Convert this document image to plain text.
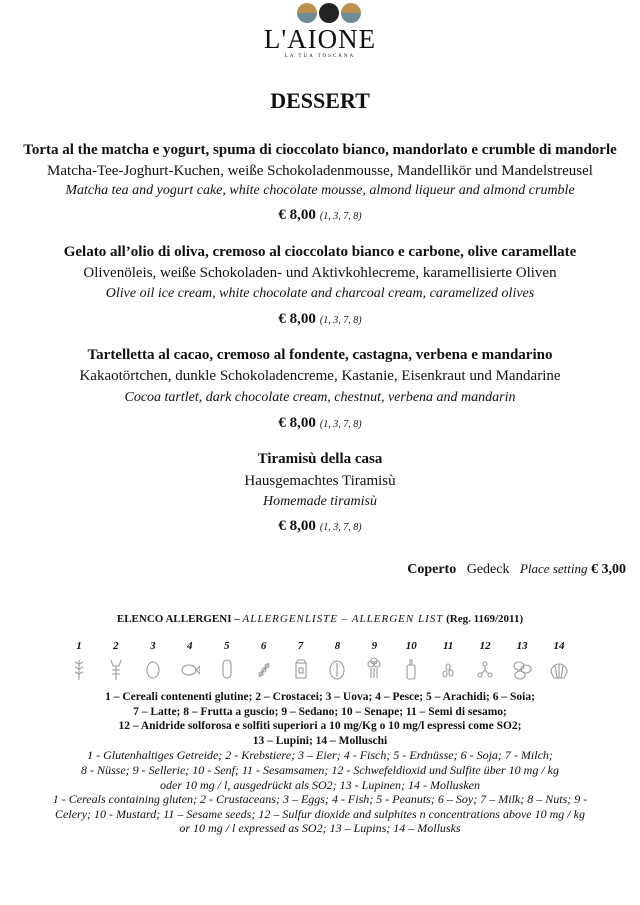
L'AIONE
LA TUA TOSCANA
DESSERT
Torta al the matcha e yogurt, spuma di cioccolato bianco, mandorlato e crumble di mandorle
Matcha-Tee-Joghurt-Kuchen, weiße Schokoladenmousse, Mandellikör und Mandelstreusel
Matcha tea and yogurt cake, white chocolate mousse, almond liqueur and almond crumble
€ 8,00 (1, 3, 7, 8)
Gelato all’olio di oliva, cremoso al cioccolato bianco e carbone, olive caramellate
Olivenöleis, weiße Schokoladen- und Aktivkohlecreme, karamellisierte Oliven
Olive oil ice cream, white chocolate and charcoal cream, caramelized olives
€ 8,00 (1, 3, 7, 8)
Tartelletta al cacao, cremoso al fondente, castagna, verbena e mandarino
Kakaotörtchen, dunkle Schokoladencreme, Kastanie, Eisenkraut und Mandarine
Cocoa tartlet, dark chocolate cream, chestnut, verbena and mandarin
€ 8,00 (1, 3, 7, 8)
Tiramisù della casa
Hausgemachtes Tiramisù
Homemade tiramisù
€ 8,00 (1, 3, 7, 8)
Coperto Gedeck Place setting € 3,00
ELENCO ALLERGENI – ALLERGENLISTE – ALLERGEN LIST (Reg. 1169/2011)
1	2	3	4	5	6	7	8	9	10	11	12	13	14
1 – Cereali contenenti glutine; 2 – Crostacei; 3 – Uova; 4 – Pesce; 5 – Arachidi; 6 – Soia;
7 – Latte; 8 – Frutta a guscio; 9 – Sedano; 10 – Senape; 11 – Semi di sesamo;
12 – Anidride solforosa e solfiti superiori a 10 mg/Kg o 10 mg/l espressi come SO2;
13 – Lupini; 14 – Molluschi
1 - Glutenhaltiges Getreide; 2 - Krebstiere; 3 – Eier; 4 - Fisch; 5 - Erdnüsse; 6 - Soja; 7 - Milch;
8 - Nüsse; 9 - Sellerie; 10 - Senf; 11 - Sesamsamen; 12 - Schwefeldioxid und Sulfite über 10 mg / kg
oder 10 mg / l, ausgedrückt als SO2; 13 - Lupinen; 14 - Mollusken
1 - Cereals containing gluten; 2 - Crustaceans; 3 – Eggs; 4 - Fish; 5 - Peanuts; 6 – Soy; 7 – Milk; 8 – Nuts; 9 -
Celery; 10 - Mustard; 11 – Sesame seeds; 12 – Sulfur dioxide and sulphites n concentrations above 10 mg / kg
or 10 mg / l expressed as SO2; 13 – Lupins; 14 – Mollusks
